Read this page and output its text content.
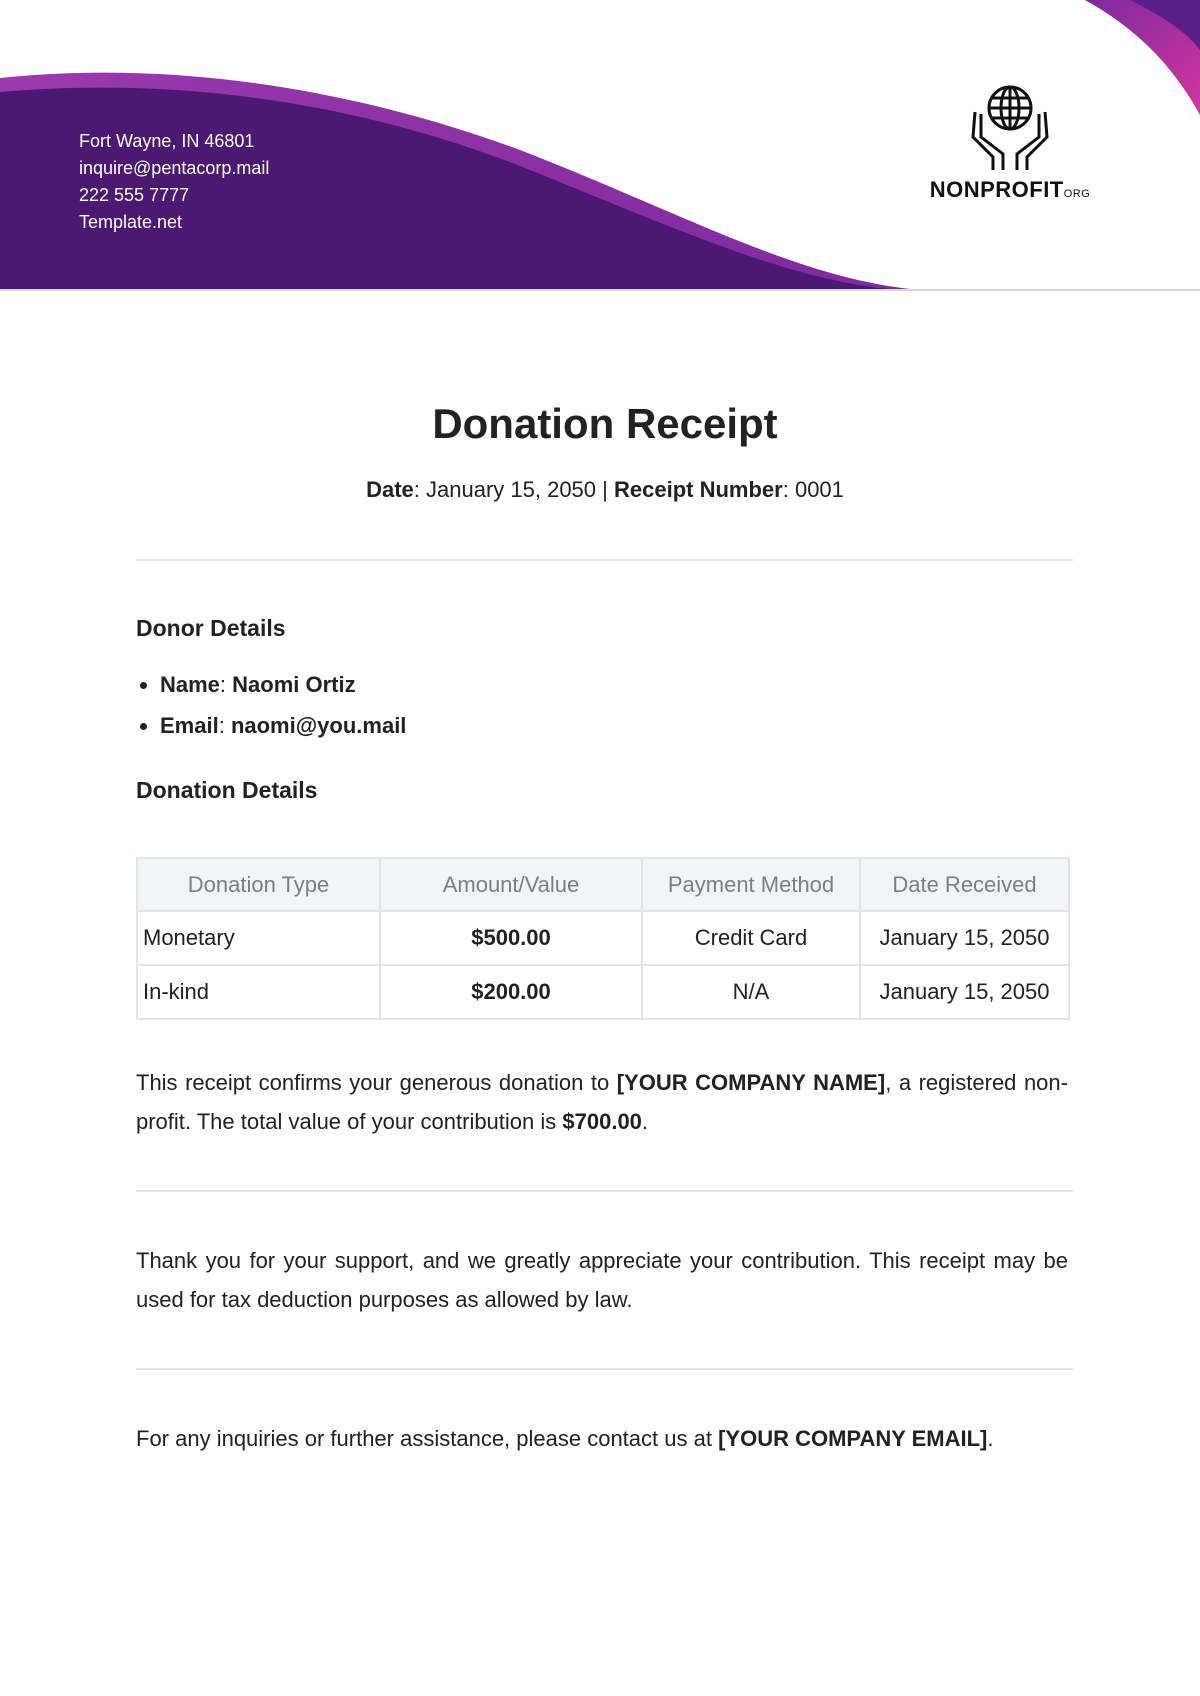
Fort Wayne, IN 46801
inquire@pentacorp.mail
222 555 7777
Template.net
NONPROFITORG
Donation Receipt
Date: January 15, 2050 | Receipt Number: 0001
Donor Details
• Name: Naomi Ortiz
• Email: naomi@you.mail
Donation Details
Donation Type	Amount/Value	Payment Method	Date Received
Monetary	$500.00	Credit Card	January 15, 2050
In-kind	$200.00	N/A	January 15, 2050

This receipt confirms your generous donation to [YOUR COMPANY NAME], a registered non-profit. The total value of your contribution is $700.00.

Thank you for your support, and we greatly appreciate your contribution. This receipt may be used for tax deduction purposes as allowed by law.

For any inquiries or further assistance, please contact us at [YOUR COMPANY EMAIL].
